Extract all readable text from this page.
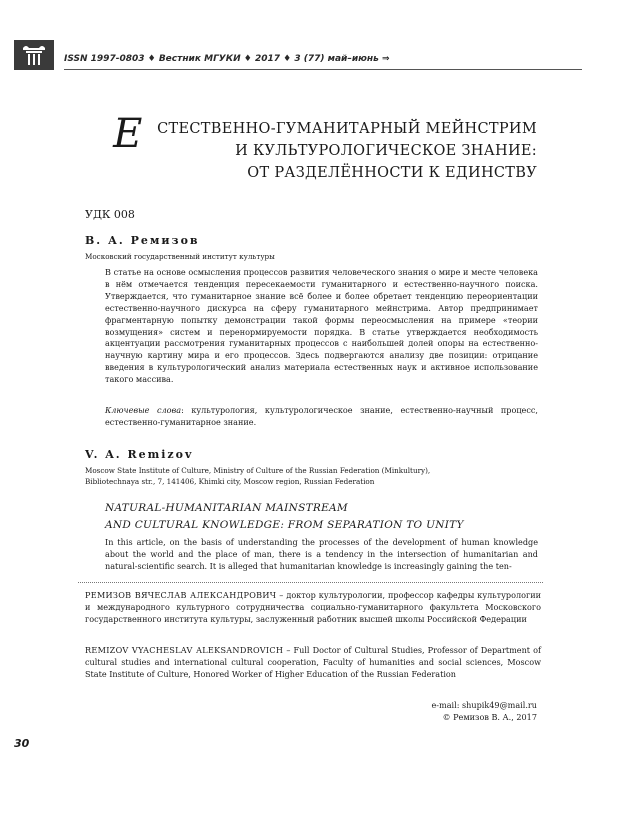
ISSN 1997-0803 ♦ Вестник МГУКИ ♦ 2017 ♦ 3 (77) май–июнь ⇒
Е СТЕСТВЕННО-ГУМАНИТАРНЫЙ МЕЙНСТРИМ
И КУЛЬТУРОЛОГИЧЕСКОЕ ЗНАНИЕ:
ОТ РАЗДЕЛЁННОСТИ К ЕДИНСТВУ
УДК 008
В. А. Ремизов
Московский государственный институт культуры
В статье на основе осмысления процессов развития человеческого знания о мире и месте человека в нём отмечается тенденция пересекаемости гуманитарного и естественно-научного поиска. Утверждается, что гуманитарное знание всё более и более обретает тенденцию переориентации естественно-научного дискурса на сферу гуманитарного мейнстрима. Автор предпринимает фрагментарную попытку демонстрации такой формы переосмысления на примере «теории возмущения» систем и перенормируемости порядка. В статье утверждается необходимость акцентуации рассмотрения гуманитарных процессов с наибольшей долей опоры на естественно-научную картину мира и его процессов. Здесь подвергаются анализу две позиции: отрицание введения в культурологический анализ материала естественных наук и активное использование такого массива.
Ключевые слова: культурология, культурологическое знание, естественно-научный процесс, естественно-гуманитарное знание.
V. A. Remizov
Moscow State Institute of Culture, Ministry of Culture of the Russian Federation (Minkultury),
Bibliotechnaya str., 7, 141406, Khimki city, Moscow region, Russian Federation
NATURAL-HUMANITARIAN MAINSTREAM
AND CULTURAL KNOWLEDGE: FROM SEPARATION TO UNITY
In this article, on the basis of understanding the processes of the development of human knowledge about the world and the place of man, there is a tendency in the intersection of humanitarian and natural-scientific search. It is alleged that humanitarian knowledge is increasingly gaining the ten-
РЕМИЗОВ ВЯЧЕСЛАВ АЛЕКСАНДРОВИЧ – доктор культурологии, профессор кафедры культурологии и международного культурного сотрудничества социально-гуманитарного факультета Московского государственного института культуры, заслуженный работник высшей школы Российской Федерации
REMIZOV VYACHESLAV ALEKSANDROVICH – Full Doctor of Cultural Studies, Professor of Department of cultural studies and international cultural cooperation, Faculty of humanities and social sciences, Moscow State Institute of Culture, Honored Worker of Higher Education of the Russian Federation
e-mail: shupik49@mail.ru
© Ремизов В. А., 2017
30
